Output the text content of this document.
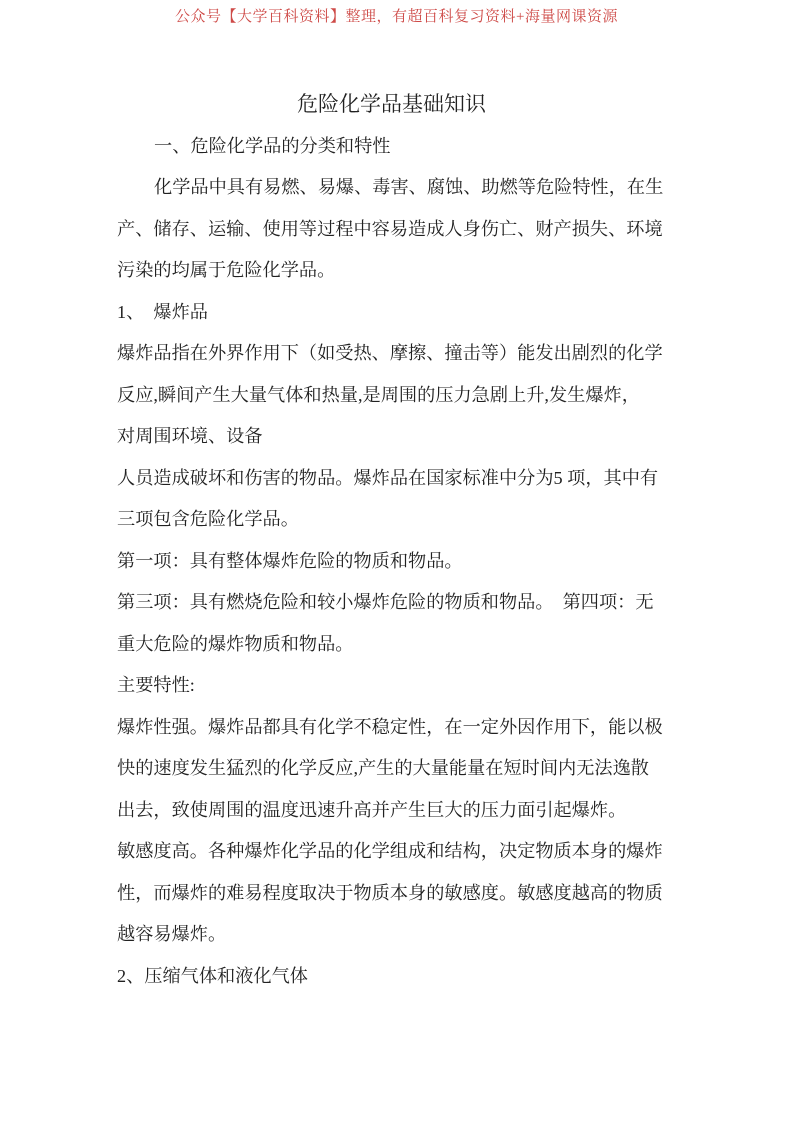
公众号【大学百科资料】整理，有超百科复习资料+海量网课资源
危险化学品基础知识
一、危险化学品的分类和特性
化学品中具有易燃、易爆、毒害、腐蚀、助燃等危险特性，在生
产、储存、运输、使用等过程中容易造成人身伤亡、财产损失、环境
污染的均属于危险化学品。
1、  爆炸品
爆炸品指在外界作用下（如受热、摩擦、撞击等）能发出剧烈的化学
反应,瞬间产生大量气体和热量,是周围的压力急剧上升,发生爆炸，
对周围环境、设备
人员造成破坏和伤害的物品。爆炸品在国家标准中分为5 项，其中有
三项包含危险化学品。
第一项：具有整体爆炸危险的物质和物品。
第三项：具有燃烧危险和较小爆炸危险的物质和物品。  第四项：无
重大危险的爆炸物质和物品。
主要特性:
爆炸性强。爆炸品都具有化学不稳定性，在一定外因作用下，能以极
快的速度发生猛烈的化学反应,产生的大量能量在短时间内无法逸散
出去，致使周围的温度迅速升高并产生巨大的压力面引起爆炸。
敏感度高。各种爆炸化学品的化学组成和结构，决定物质本身的爆炸
性，而爆炸的难易程度取决于物质本身的敏感度。敏感度越高的物质
越容易爆炸。
2、压缩气体和液化气体
